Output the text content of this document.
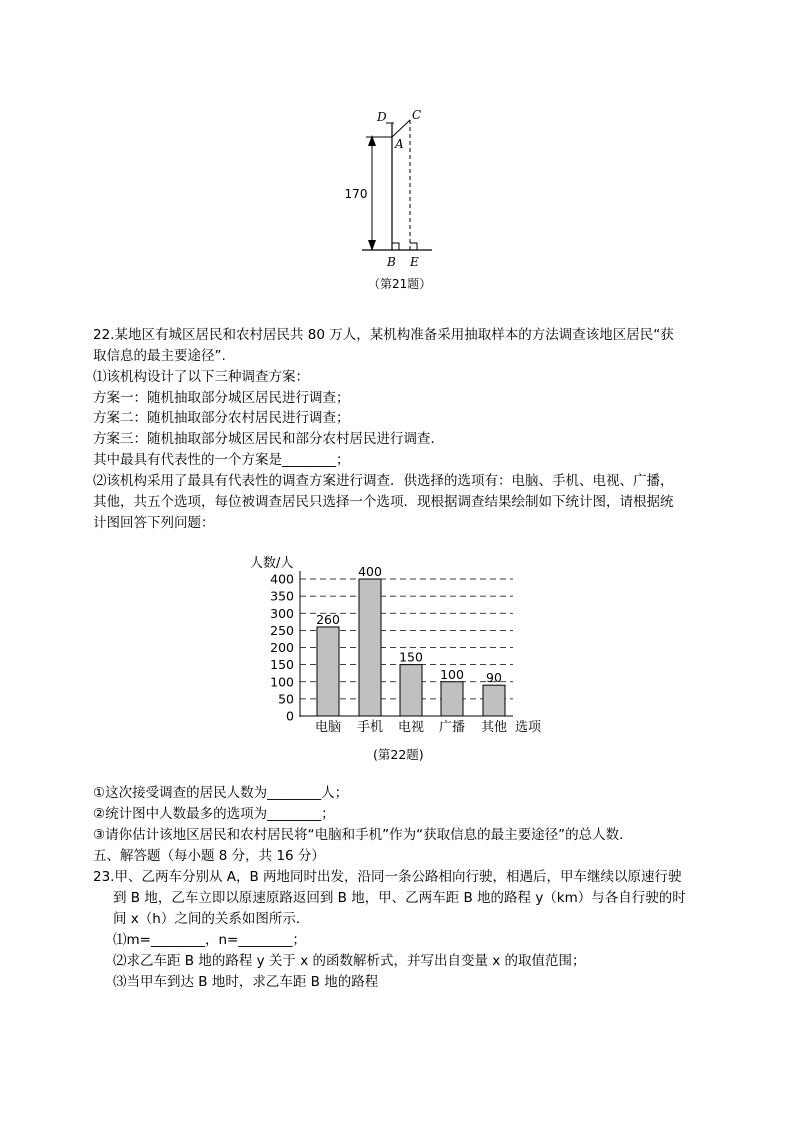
D C
A
B E
170
（第21题）
22.某地区有城区居民和农村居民共 80 万人，某机构准备采用抽取样本的方法调查该地区居民“获
取信息的最主要途径”.
⑴该机构设计了以下三种调查方案：
方案一：随机抽取部分城区居民进行调查；
方案二：随机抽取部分农村居民进行调查；
方案三：随机抽取部分城区居民和部分农村居民进行调查．
其中最具有代表性的一个方案是________；
⑵该机构采用了最具有代表性的调查方案进行调查．供选择的选项有：电脑、手机、电视、广播，
其他，共五个选项，每位被调查居民只选择一个选项．现根据调查结果绘制如下统计图，请根据统
计图回答下列问题：
人数/人
选项
0
50
100
150
200
250
300
350
400
260
电脑
400
手机
150
电视
100
广播
90
其他
(第22题)
①这次接受调查的居民人数为________人；
②统计图中人数最多的选项为________；
③请你估计该地区居民和农村居民将“电脑和手机”作为“获取信息的最主要途径”的总人数．
五、解答题（每小题 8 分，共 16 分）
23.甲、乙两车分别从 A，B 两地同时出发，沿同一条公路相向行驶，相遇后，甲车继续以原速行驶
到 B 地，乙车立即以原速原路返回到 B 地，甲、乙两车距 B 地的路程 y（km）与各自行驶的时
间 x（h）之间的关系如图所示．
⑴m=________，n=________；
⑵求乙车距 B 地的路程 y 关于 x 的函数解析式，并写出自变量 x 的取值范围；
⑶当甲车到达 B 地时，求乙车距 B 地的路程
